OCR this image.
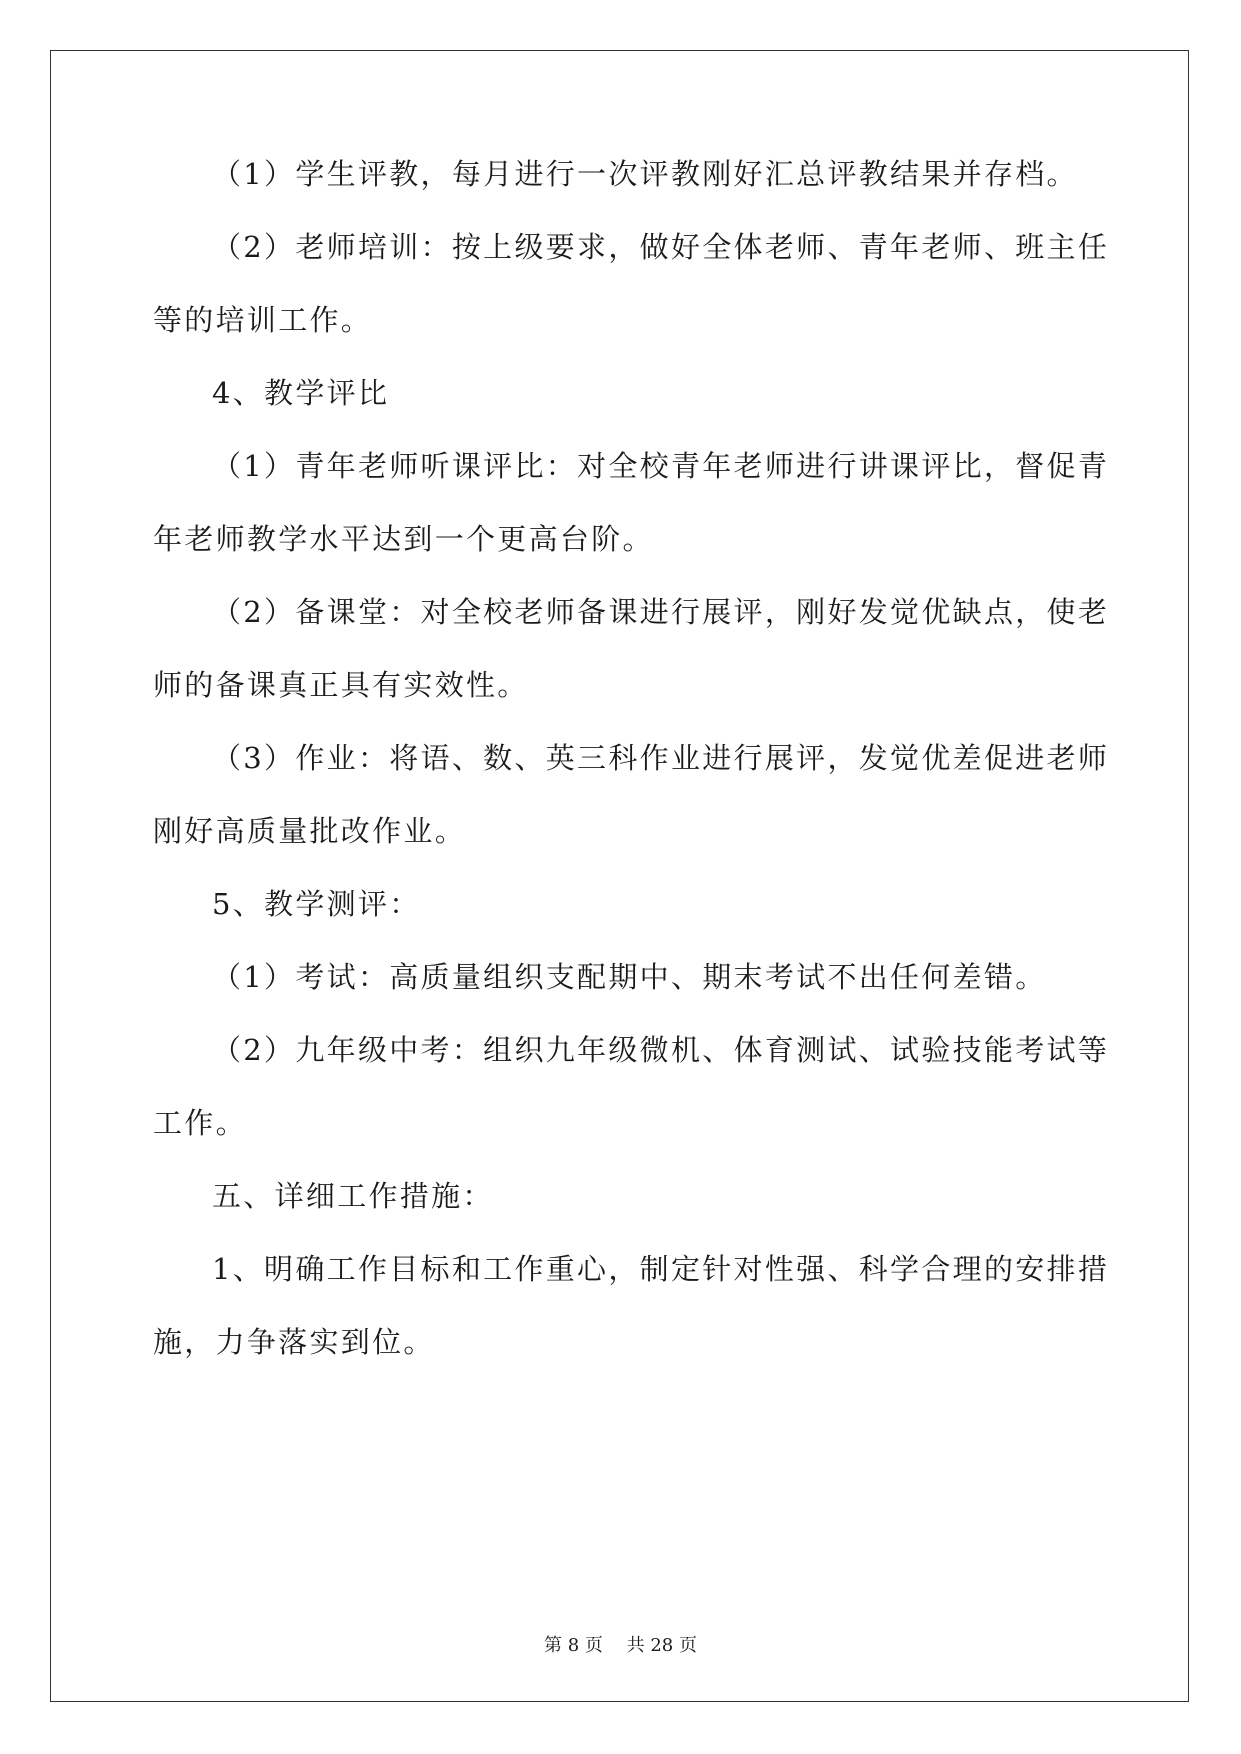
（1）学生评教，每月进行一次评教刚好汇总评教结果并存档。
（2）老师培训：按上级要求，做好全体老师、青年老师、班主任
等的培训工作。
4、教学评比
（1）青年老师听课评比：对全校青年老师进行讲课评比，督促青
年老师教学水平达到一个更高台阶。
（2）备课堂：对全校老师备课进行展评，刚好发觉优缺点，使老
师的备课真正具有实效性。
（3）作业：将语、数、英三科作业进行展评，发觉优差促进老师
刚好高质量批改作业。
5、教学测评：
（1）考试：高质量组织支配期中、期末考试不出任何差错。
（2）九年级中考：组织九年级微机、体育测试、试验技能考试等
工作。
五、详细工作措施：
1、明确工作目标和工作重心，制定针对性强、科学合理的安排措
施，力争落实到位。
第 8 页　 共 28 页
